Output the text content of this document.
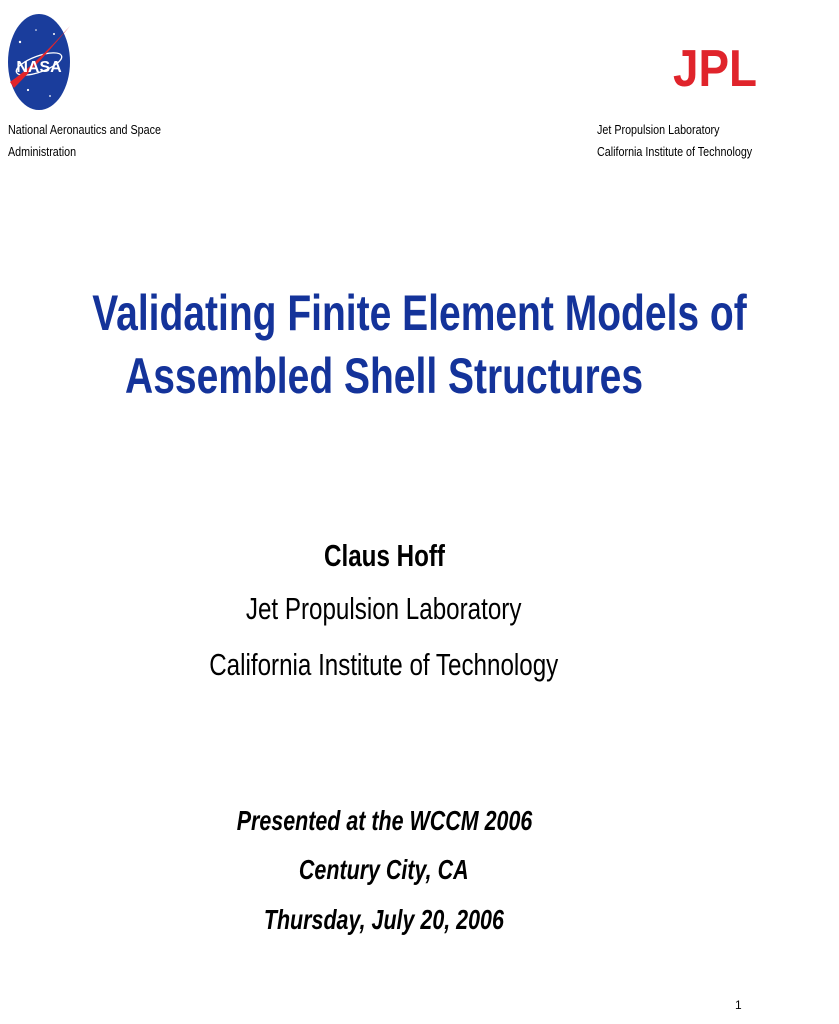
NASA	JPL
National Aeronautics and Space
Administration
Jet Propulsion Laboratory
California Institute of Technology
Validating Finite Element Models of
Assembled Shell Structures
Claus Hoff
Jet Propulsion Laboratory
California Institute of Technology
Presented at the WCCM 2006
Century City, CA
Thursday, July 20, 2006
1
